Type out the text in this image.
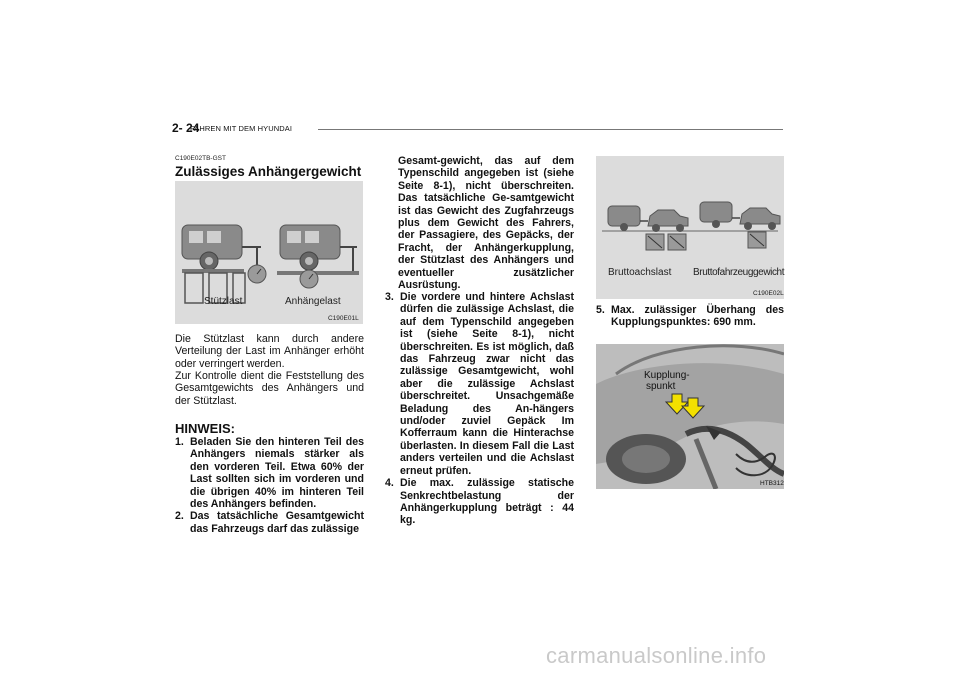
2- 24
FAHREN MIT DEM HYUNDAI
C190E02TB-GST
Zulässiges Anhängergewicht
Stützlast	Anhängelast
C190E01L
Die Stützlast kann durch andere Verteilung der Last im Anhänger erhöht oder verringert werden.
Zur Kontrolle dient die Feststellung des Gesamtgewichts des Anhängers und der Stützlast.
HINWEIS:
1. Beladen Sie den hinteren Teil des Anhängers niemals stärker als den vorderen Teil. Etwa 60% der Last sollten sich im vorderen und die übrigen 40% im hinteren Teil des Anhängers befinden.
2. Das tatsächliche Gesamtgewicht das Fahrzeugs darf das zulässige
Gesamt-gewicht, das auf dem Typenschild angegeben ist (siehe Seite 8-1), nicht überschreiten. Das tatsächliche Ge-samtgewicht ist das Gewicht des Zugfahrzeugs plus dem Gewicht des Fahrers, der Passagiere, des Gepäcks, der Fracht, der Anhängerkupplung, der Stützlast des Anhängers und eventueller zusätzlicher Ausrüstung.
3. Die vordere und hintere Achslast dürfen die zulässige Achslast, die auf dem Typenschild angegeben ist (siehe Seite 8-1), nicht überschreiten. Es ist möglich, daß das Fahrzeug zwar nicht das zulässige Gesamtgewicht, wohl aber die zulässige Achslast überschreitet. Unsachgemäße Beladung des An-hängers und/oder zuviel Gepäck Im Kofferraum kann die Hinterachse überlasten. In diesem Fall die Last anders verteilen und die Achslast erneut prüfen.
4. Die max. zulässige statische Senkrechtbelastung der Anhängerkupplung beträgt : 44 kg.
Bruttoachslast Bruttofahrzeuggewicht
C190E02L
5. Max. zulässiger Überhang des Kupplungspunktes: 690 mm.
Kupplung-
spunkt
HTB312
carmanualsonline.info
